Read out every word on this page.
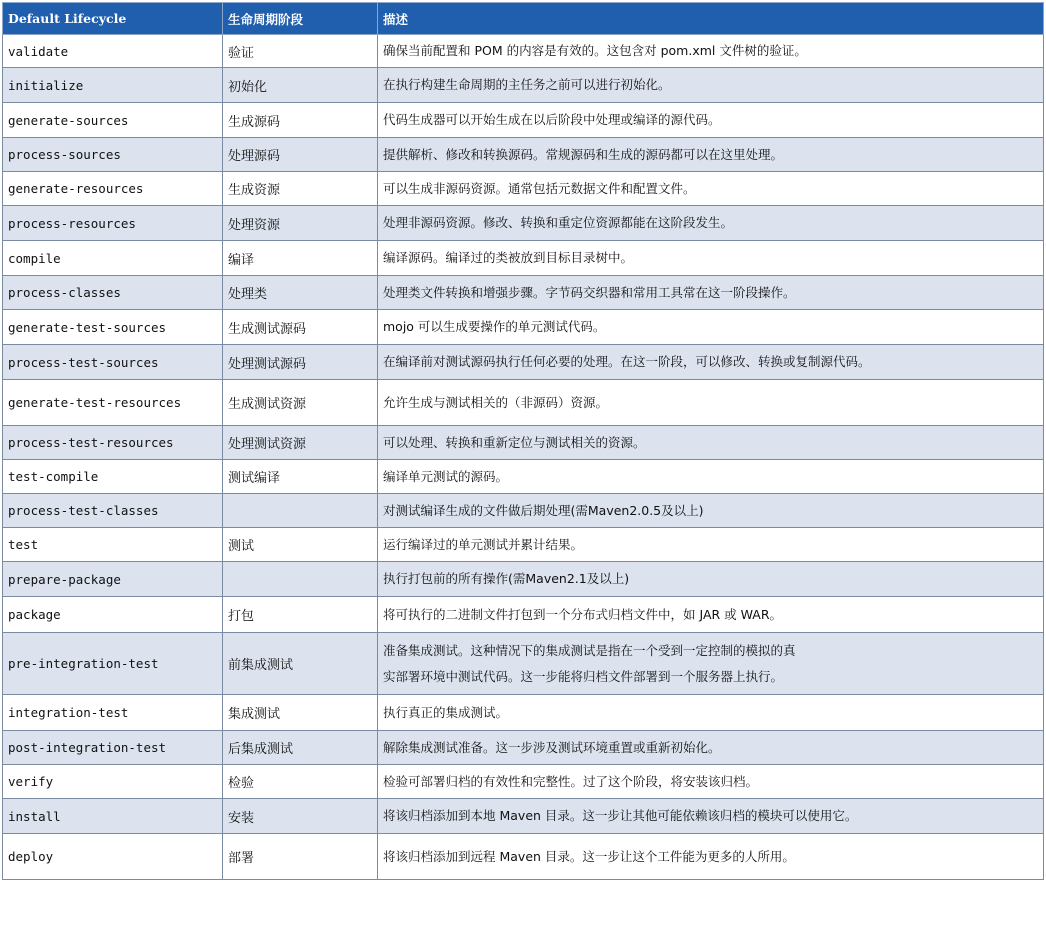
Default Lifecycle	生命周期阶段	描述
validate	验证	确保当前配置和 POM 的内容是有效的。这包含对 pom.xml 文件树的验证。

initialize	初始化	在执行构建生命周期的主任务之前可以进行初始化。

generate-sources	生成源码	代码生成器可以开始生成在以后阶段中处理或编译的源代码。

process-sources	处理源码	提供解析、修改和转换源码。常规源码和生成的源码都可以在这里处理。

generate-resources	生成资源	可以生成非源码资源。通常包括元数据文件和配置文件。

process-resources	处理资源	处理非源码资源。修改、转换和重定位资源都能在这阶段发生。

compile	编译	编译源码。编译过的类被放到目标目录树中。

process-classes	处理类	处理类文件转换和增强步骤。字节码交织器和常用工具常在这一阶段操作。

generate-test-sources	生成测试源码	mojo 可以生成要操作的单元测试代码。

process-test-sources	处理测试源码	在编译前对测试源码执行任何必要的处理。在这一阶段，可以修改、转换或复制源代码。

generate-test-resources	生成测试资源	允许生成与测试相关的（非源码）资源。

process-test-resources	处理测试资源	可以处理、转换和重新定位与测试相关的资源。

test-compile	测试编译	编译单元测试的源码。

process-test-classes		对测试编译生成的文件做后期处理(需Maven2.0.5及以上)

test	测试	运行编译过的单元测试并累计结果。

prepare-package		执行打包前的所有操作(需Maven2.1及以上)

package	打包	将可执行的二进制文件打包到一个分布式归档文件中，如 JAR 或 WAR。

pre-integration-test	前集成测试	准备集成测试。这种情况下的集成测试是指在一个受到一定控制的模拟的真
实部署环境中测试代码。这一步能将归档文件部署到一个服务器上执行。

integration-test	集成测试	执行真正的集成测试。

post-integration-test	后集成测试	解除集成测试准备。这一步涉及测试环境重置或重新初始化。

verify	检验	检验可部署归档的有效性和完整性。过了这个阶段，将安装该归档。

install	安装	将该归档添加到本地 Maven 目录。这一步让其他可能依赖该归档的模块可以使用它。

deploy	部署	将该归档添加到远程 Maven 目录。这一步让这个工件能为更多的人所用。
